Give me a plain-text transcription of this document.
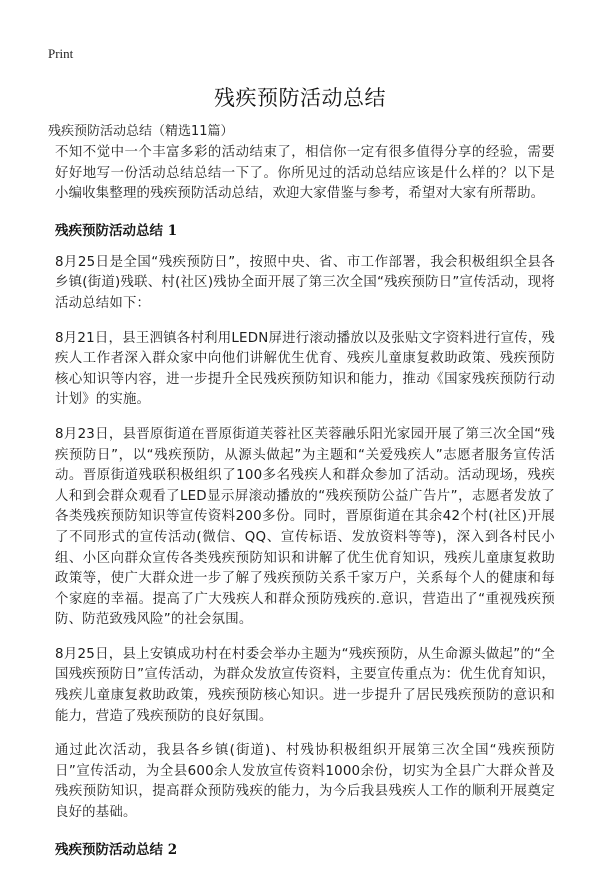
Print
残疾预防活动总结
残疾预防活动总结（精选11篇）

不知不觉中一个丰富多彩的活动结束了，相信你一定有很多值得分享的经验，需要好好地写一份活动总结总结一下了。你所见过的活动总结应该是什么样的？以下是小编收集整理的残疾预防活动总结，欢迎大家借鉴与参考，希望对大家有所帮助。

残疾预防活动总结 1

8月25日是全国“残疾预防日”，按照中央、省、市工作部署，我会积极组织全县各乡镇(街道)残联、村(社区)残协全面开展了第三次全国“残疾预防日”宣传活动，现将活动总结如下：

8月21日，县王泗镇各村利用LEDN屏进行滚动播放以及张贴文字资料进行宣传，残疾人工作者深入群众家中向他们讲解优生优育、残疾儿童康复救助政策、残疾预防核心知识等内容，进一步提升全民残疾预防知识和能力，推动《国家残疾预防行动计划》的实施。

8月23日，县晋原街道在晋原街道芙蓉社区芙蓉融乐阳光家园开展了第三次全国“残疾预防日”，以“残疾预防，从源头做起”为主题和“关爱残疾人”志愿者服务宣传活动。晋原街道残联积极组织了100多名残疾人和群众参加了活动。活动现场，残疾人和到会群众观看了LED显示屏滚动播放的“残疾预防公益广告片”，志愿者发放了各类残疾预防知识等宣传资料200多份。同时，晋原街道在其余42个村(社区)开展了不同形式的宣传活动(微信、QQ、宣传标语、发放资料等等)，深入到各村民小组、小区向群众宣传各类残疾预防知识和讲解了优生优育知识，残疾儿童康复救助政策等，使广大群众进一步了解了残疾预防关系千家万户，关系每个人的健康和每个家庭的幸福。提高了广大残疾人和群众预防残疾的.意识，营造出了“重视残疾预防、防范致残风险”的社会氛围。

8月25日，县上安镇成功村在村委会举办主题为“残疾预防，从生命源头做起”的“全国残疾预防日”宣传活动，为群众发放宣传资料，主要宣传重点为：优生优育知识，残疾儿童康复救助政策，残疾预防核心知识。进一步提升了居民残疾预防的意识和能力，营造了残疾预防的良好氛围。

通过此次活动，我县各乡镇(街道)、村残协积极组织开展第三次全国“残疾预防日”宣传活动，为全县600余人发放宣传资料1000余份，切实为全县广大群众普及残疾预防知识，提高群众预防残疾的能力，为今后我县残疾人工作的顺利开展奠定良好的基础。

残疾预防活动总结 2
